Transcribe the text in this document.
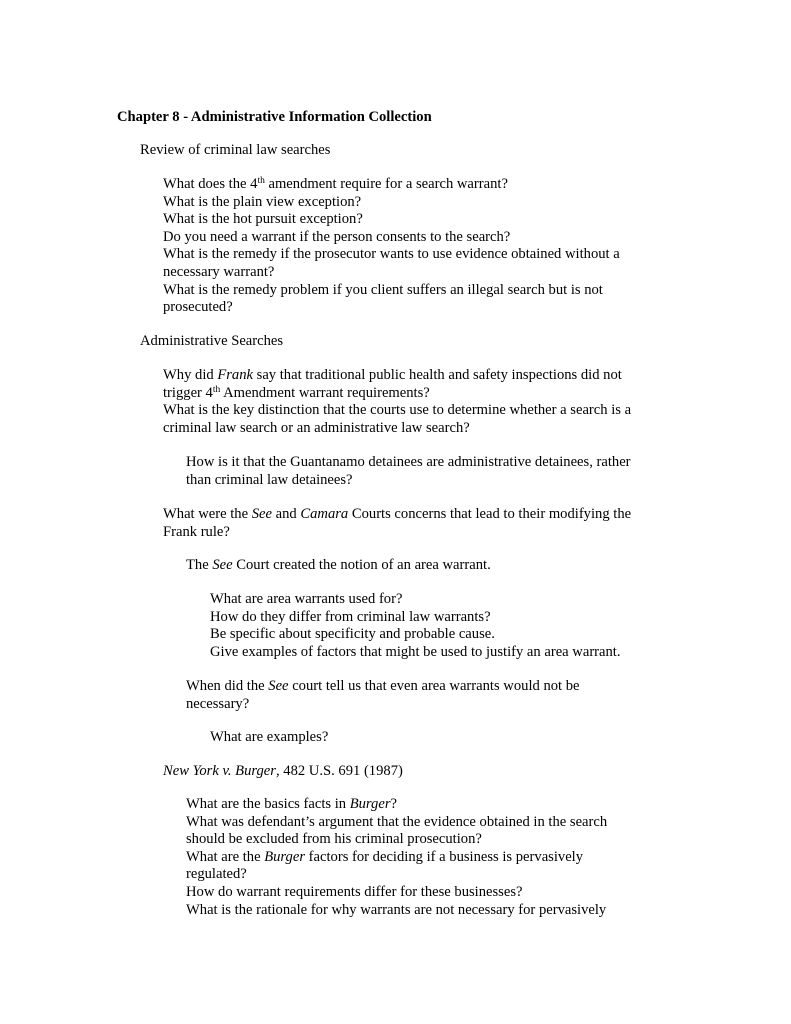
Chapter 8 - Administrative Information Collection
Review of criminal law searches
What does the 4th amendment require for a search warrant?
What is the plain view exception?
What is the hot pursuit exception?
Do you need a warrant if the person consents to the search?
What is the remedy if the prosecutor wants to use evidence obtained without a
necessary warrant?
What is the remedy problem if you client suffers an illegal search but is not
prosecuted?
Administrative Searches
Why did Frank say that traditional public health and safety inspections did not
trigger 4th Amendment warrant requirements?
What is the key distinction that the courts use to determine whether a search is a
criminal law search or an administrative law search?
How is it that the Guantanamo detainees are administrative detainees, rather
than criminal law detainees?
What were the See and Camara Courts concerns that lead to their modifying the
Frank rule?
The See Court created the notion of an area warrant.
What are area warrants used for?
How do they differ from criminal law warrants?
Be specific about specificity and probable cause.
Give examples of factors that might be used to justify an area warrant.
When did the See court tell us that even area warrants would not be
necessary?
What are examples?
New York v. Burger, 482 U.S. 691 (1987)
What are the basics facts in Burger?
What was defendant’s argument that the evidence obtained in the search
should be excluded from his criminal prosecution?
What are the Burger factors for deciding if a business is pervasively
regulated?
How do warrant requirements differ for these businesses?
What is the rationale for why warrants are not necessary for pervasively
